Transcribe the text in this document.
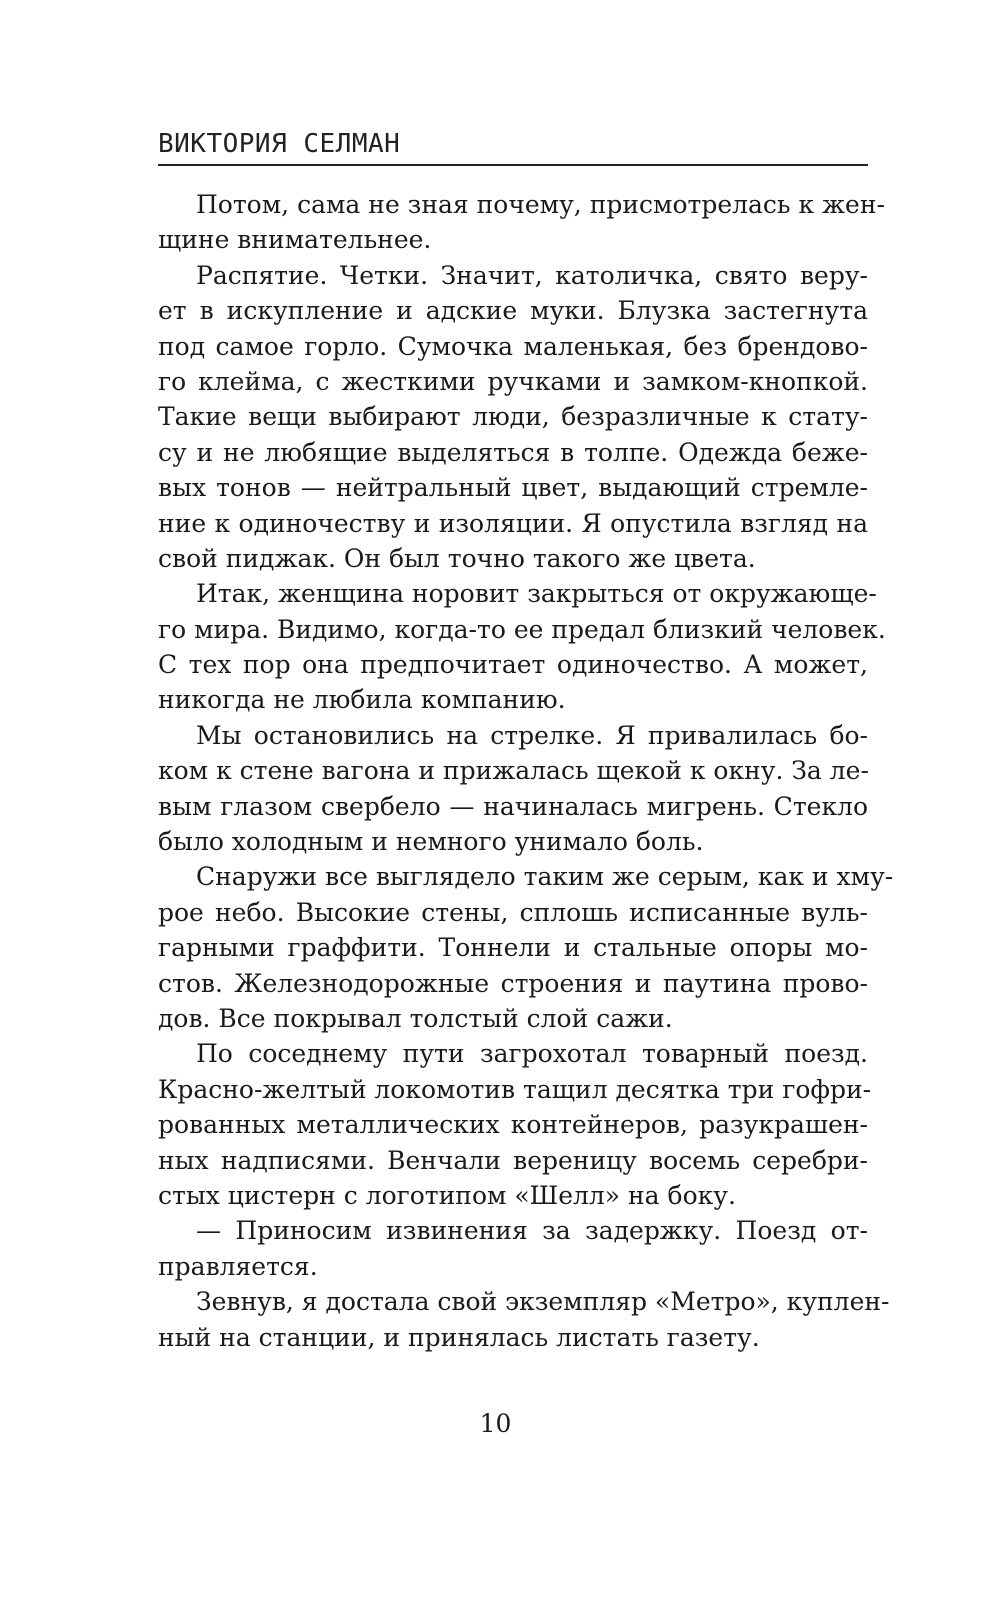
ВИКТОРИЯ СЕЛМАН
Потом, сама не зная почему, присмотрелась к жен-
щине внимательнее.
Распятие. Четки. Значит, католичка, свято веру-
ет в искупление и адские муки. Блузка застегнута
под самое горло. Сумочка маленькая, без брендово-
го клейма, с жесткими ручками и замком-кнопкой.
Такие вещи выбирают люди, безразличные к стату-
су и не любящие выделяться в толпе. Одежда беже-
вых тонов — нейтральный цвет, выдающий стремле-
ние к одиночеству и изоляции. Я опустила взгляд на
свой пиджак. Он был точно такого же цвета.
Итак, женщина норовит закрыться от окружающе-
го мира. Видимо, когда-то ее предал близкий человек.
С тех пор она предпочитает одиночество. А может,
никогда не любила компанию.
Мы остановились на стрелке. Я привалилась бо-
ком к стене вагона и прижалась щекой к окну. За ле-
вым глазом свербело — начиналась мигрень. Стекло
было холодным и немного унимало боль.
Снаружи все выглядело таким же серым, как и хму-
рое небо. Высокие стены, сплошь исписанные вуль-
гарными граффити. Тоннели и стальные опоры мо-
стов. Железнодорожные строения и паутина прово-
дов. Все покрывал толстый слой сажи.
По соседнему пути загрохотал товарный поезд.
Красно-желтый локомотив тащил десятка три гофри-
рованных металлических контейнеров, разукрашен-
ных надписями. Венчали вереницу восемь серебри-
стых цистерн с логотипом «Шелл» на боку.
— Приносим извинения за задержку. Поезд от-
правляется.
Зевнув, я достала свой экземпляр «Метро», куплен-
ный на станции, и принялась листать газету.
10
